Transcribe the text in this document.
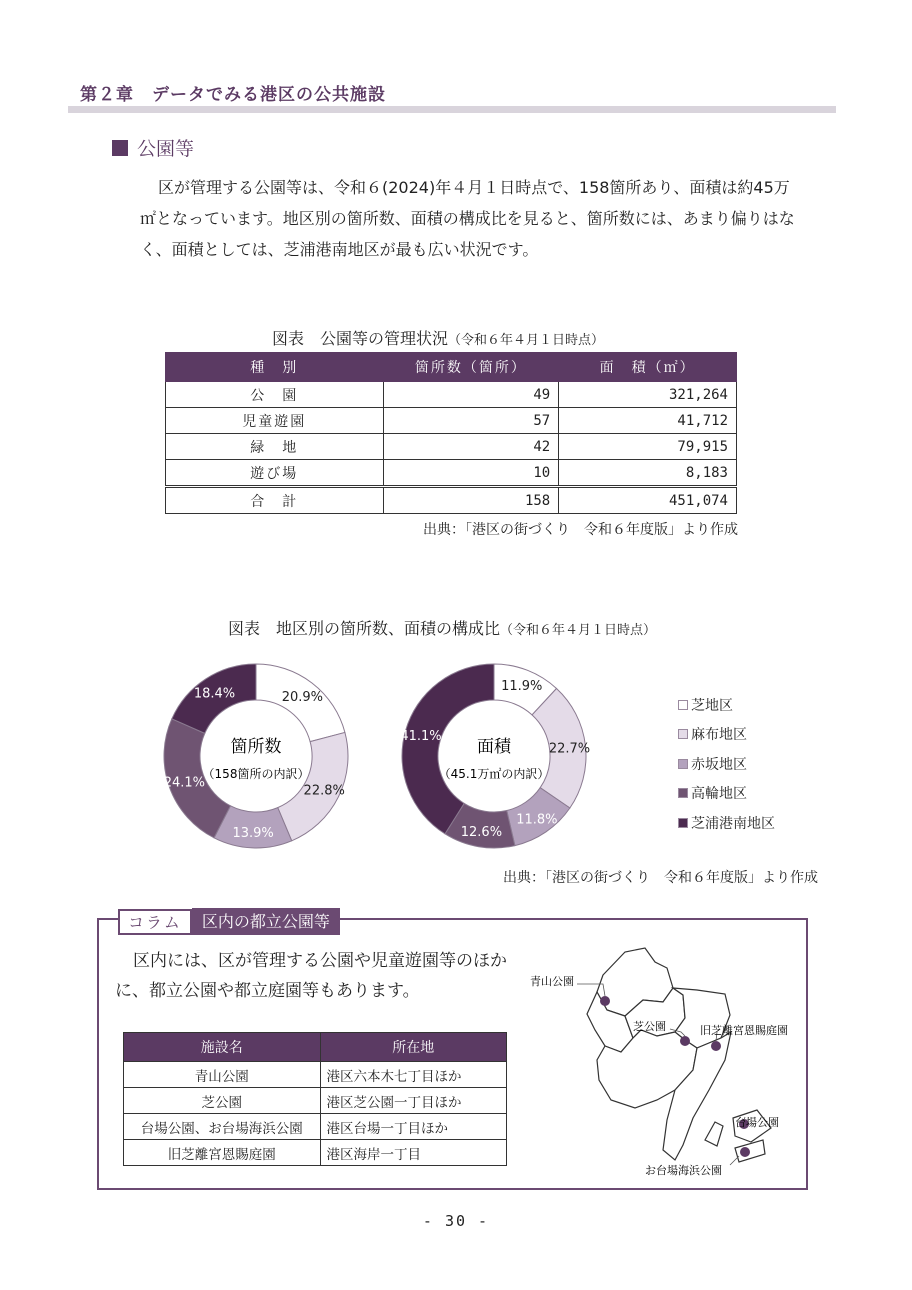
第２章　データでみる港区の公共施設
公園等
区が管理する公園等は、令和６(2024)年４月１日時点で、158箇所あり、面積は約45万㎡となっています。地区別の箇所数、面積の構成比を見ると、箇所数には、あまり偏りはなく、面積としては、芝浦港南地区が最も広い状況です。
図表　公園等の管理状況（令和６年４月１日時点）
種　別	箇所数（箇所）	面　積（㎡）
公　園	49	321,264
児童遊園	57	41,712
緑　地	42	79,915
遊び場	10	8,183
合　計	158	451,074
出典：「港区の街づくり　令和６年度版」より作成
図表　地区別の箇所数、面積の構成比（令和６年４月１日時点）
20.9%
22.8%
13.9%
24.1%
18.4%
箇所数
（158箇所の内訳）
11.9%
22.7%
11.8%
12.6%
41.1%
面積
（45.1万㎡の内訳）
芝地区
麻布地区
赤坂地区
高輪地区
芝浦港南地区
出典：「港区の街づくり　令和６年度版」より作成
コラム	区内の都立公園等
区内には、区が管理する公園や児童遊園等のほかに、都立公園や都立庭園等もあります。
施設名	所在地
青山公園	港区六本木七丁目ほか
芝公園	港区芝公園一丁目ほか
台場公園、お台場海浜公園	港区台場一丁目ほか
旧芝離宮恩賜庭園	港区海岸一丁目
青山公園
芝公園	旧芝離宮恩賜庭園
台場公園
お台場海浜公園
- 30 -
